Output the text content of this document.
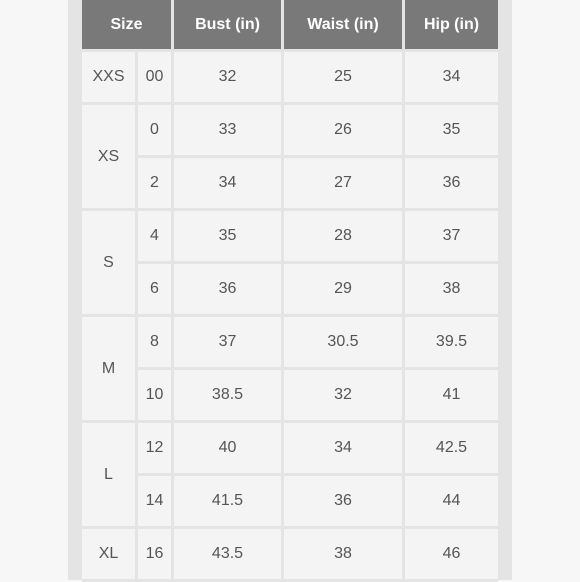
Size		Bust (in)	Waist (in)	Hip (in)
XXS	00	32	25	34
XS	0	33	26	35
	2	34	27	36
S	4	35	28	37
	6	36	29	38
M	8	37	30.5	39.5
	10	38.5	32	41
L	12	40	34	42.5
	14	41.5	36	44
XL	16	43.5	38	46
